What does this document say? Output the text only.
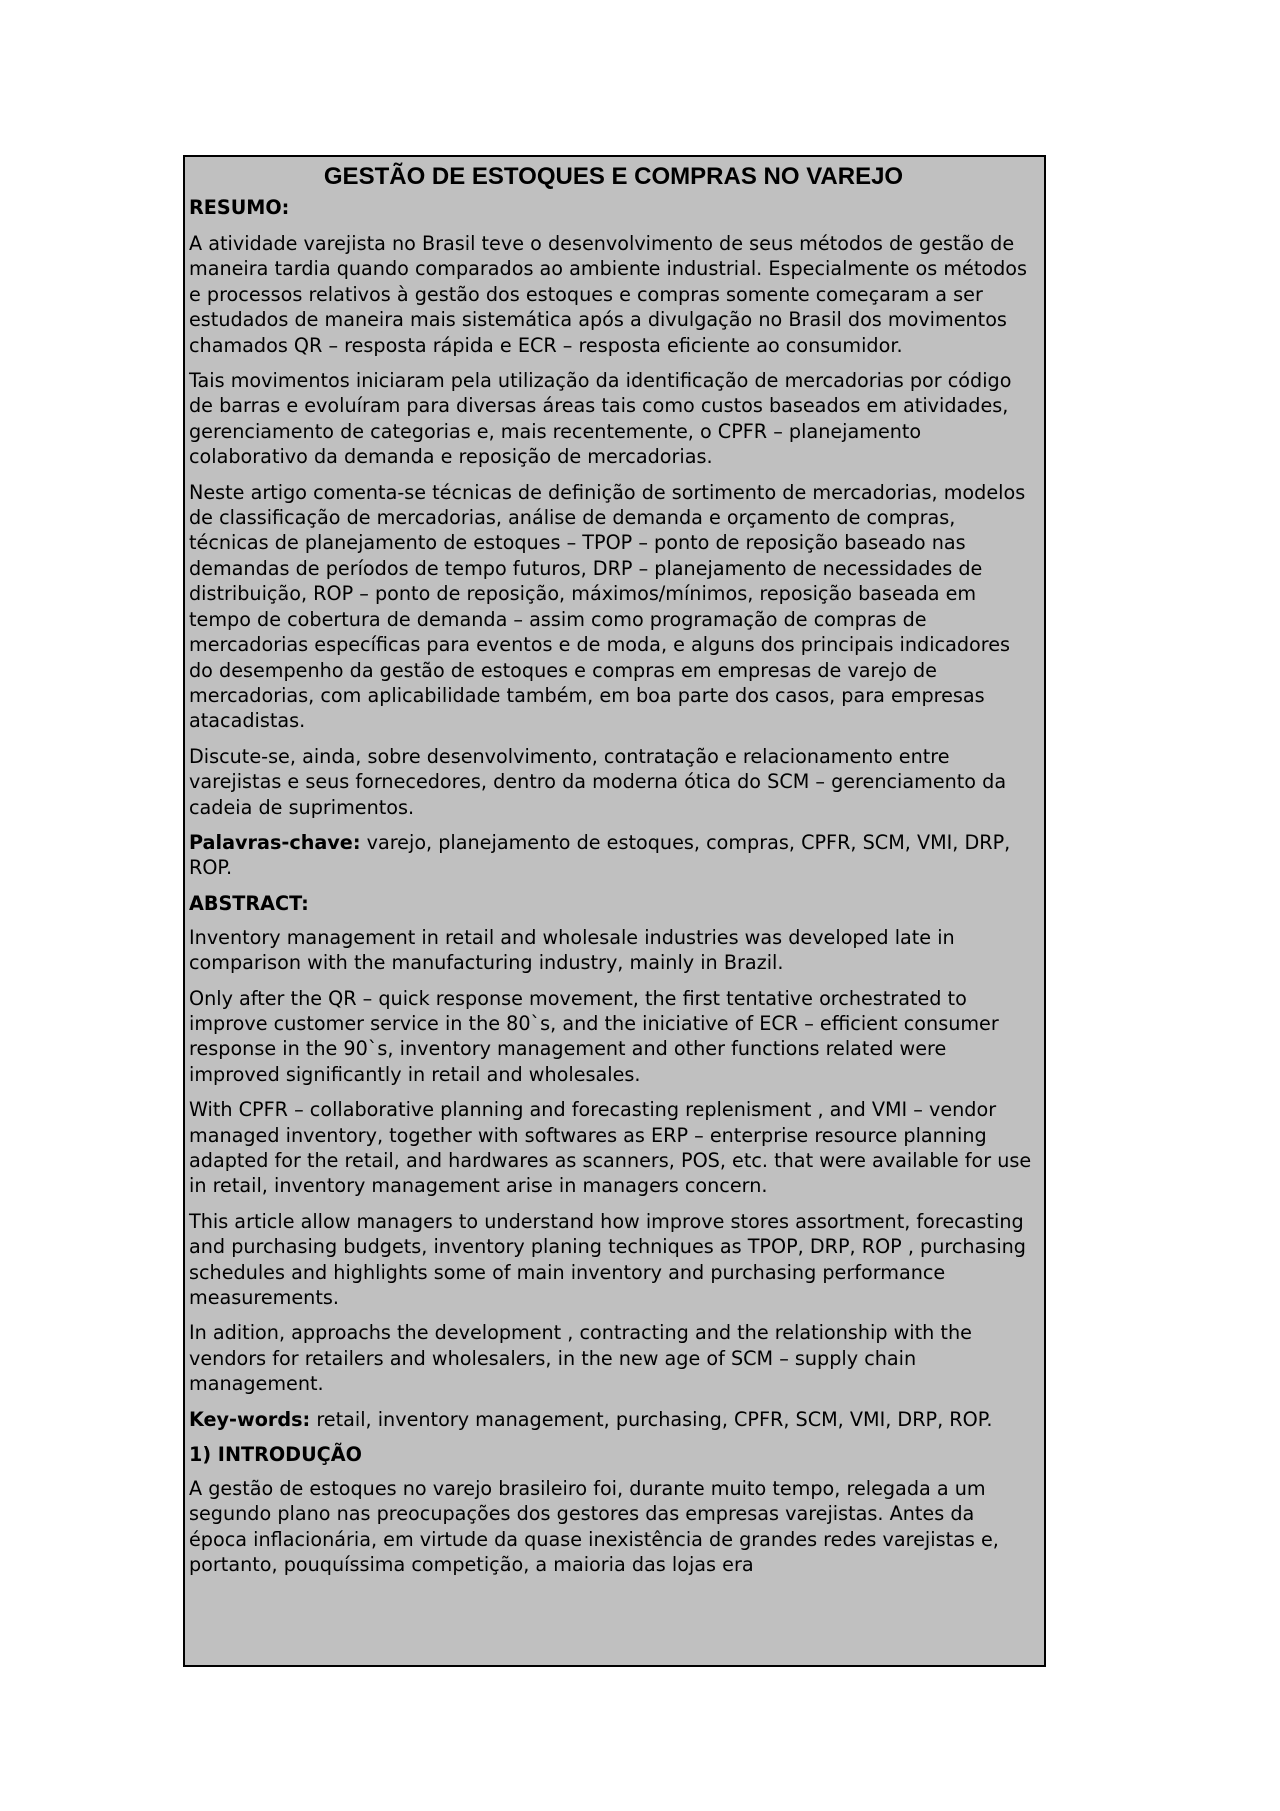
GESTÃO DE ESTOQUES E COMPRAS NO VAREJO
RESUMO:

A atividade varejista no Brasil teve o desenvolvimento de seus métodos de gestão de maneira tardia quando comparados ao ambiente industrial. Especialmente os métodos e processos relativos à gestão dos estoques e compras somente começaram a ser estudados de maneira mais sistemática após a divulgação no Brasil dos movimentos chamados QR – resposta rápida e ECR – resposta eficiente ao consumidor.

Tais movimentos iniciaram pela utilização da identificação de mercadorias por código de barras e evoluíram para diversas áreas tais como custos baseados em atividades, gerenciamento de categorias e, mais recentemente, o CPFR – planejamento colaborativo da demanda e reposição de mercadorias.

Neste artigo comenta-se técnicas de definição de sortimento de mercadorias, modelos de classificação de mercadorias, análise de demanda e orçamento de compras, técnicas de planejamento de estoques – TPOP – ponto de reposição baseado nas demandas de períodos de tempo futuros, DRP – planejamento de necessidades de distribuição, ROP – ponto de reposição, máximos/mínimos, reposição baseada em tempo de cobertura de demanda – assim como programação de compras de mercadorias específicas para eventos e de moda, e alguns dos principais indicadores do desempenho da gestão de estoques e compras em empresas de varejo de mercadorias, com aplicabilidade também, em boa parte dos casos, para empresas atacadistas.

Discute-se, ainda, sobre desenvolvimento, contratação e relacionamento entre varejistas e seus fornecedores, dentro da moderna ótica do SCM – gerenciamento da cadeia de suprimentos.

Palavras-chave: varejo, planejamento de estoques, compras, CPFR, SCM, VMI, DRP, ROP.

ABSTRACT:

Inventory management in retail and wholesale industries was developed late in comparison with the manufacturing industry, mainly in Brazil.

Only after the QR – quick response movement, the first tentative orchestrated to improve customer service in the 80`s, and the iniciative of ECR – efficient consumer response in the 90`s, inventory management and other functions related were improved significantly in retail and wholesales.

With CPFR – collaborative planning and forecasting replenisment , and VMI – vendor managed inventory, together with softwares as ERP – enterprise resource planning adapted for the retail, and hardwares as scanners, POS, etc. that were available for use in retail, inventory management arise in managers concern.

This article allow managers to understand how improve stores assortment, forecasting and purchasing budgets, inventory planing techniques as TPOP, DRP, ROP , purchasing schedules and highlights some of main inventory and purchasing performance measurements.

In adition, approachs the development , contracting and the relationship with the vendors for retailers and wholesalers, in the new age of SCM – supply chain management.

Key-words: retail, inventory management, purchasing, CPFR, SCM, VMI, DRP, ROP.

1) INTRODUÇÃO

A gestão de estoques no varejo brasileiro foi, durante muito tempo, relegada a um segundo plano nas preocupações dos gestores das empresas varejistas. Antes da época inflacionária, em virtude da quase inexistência de grandes redes varejistas e, portanto, pouquíssima competição, a maioria das lojas era
